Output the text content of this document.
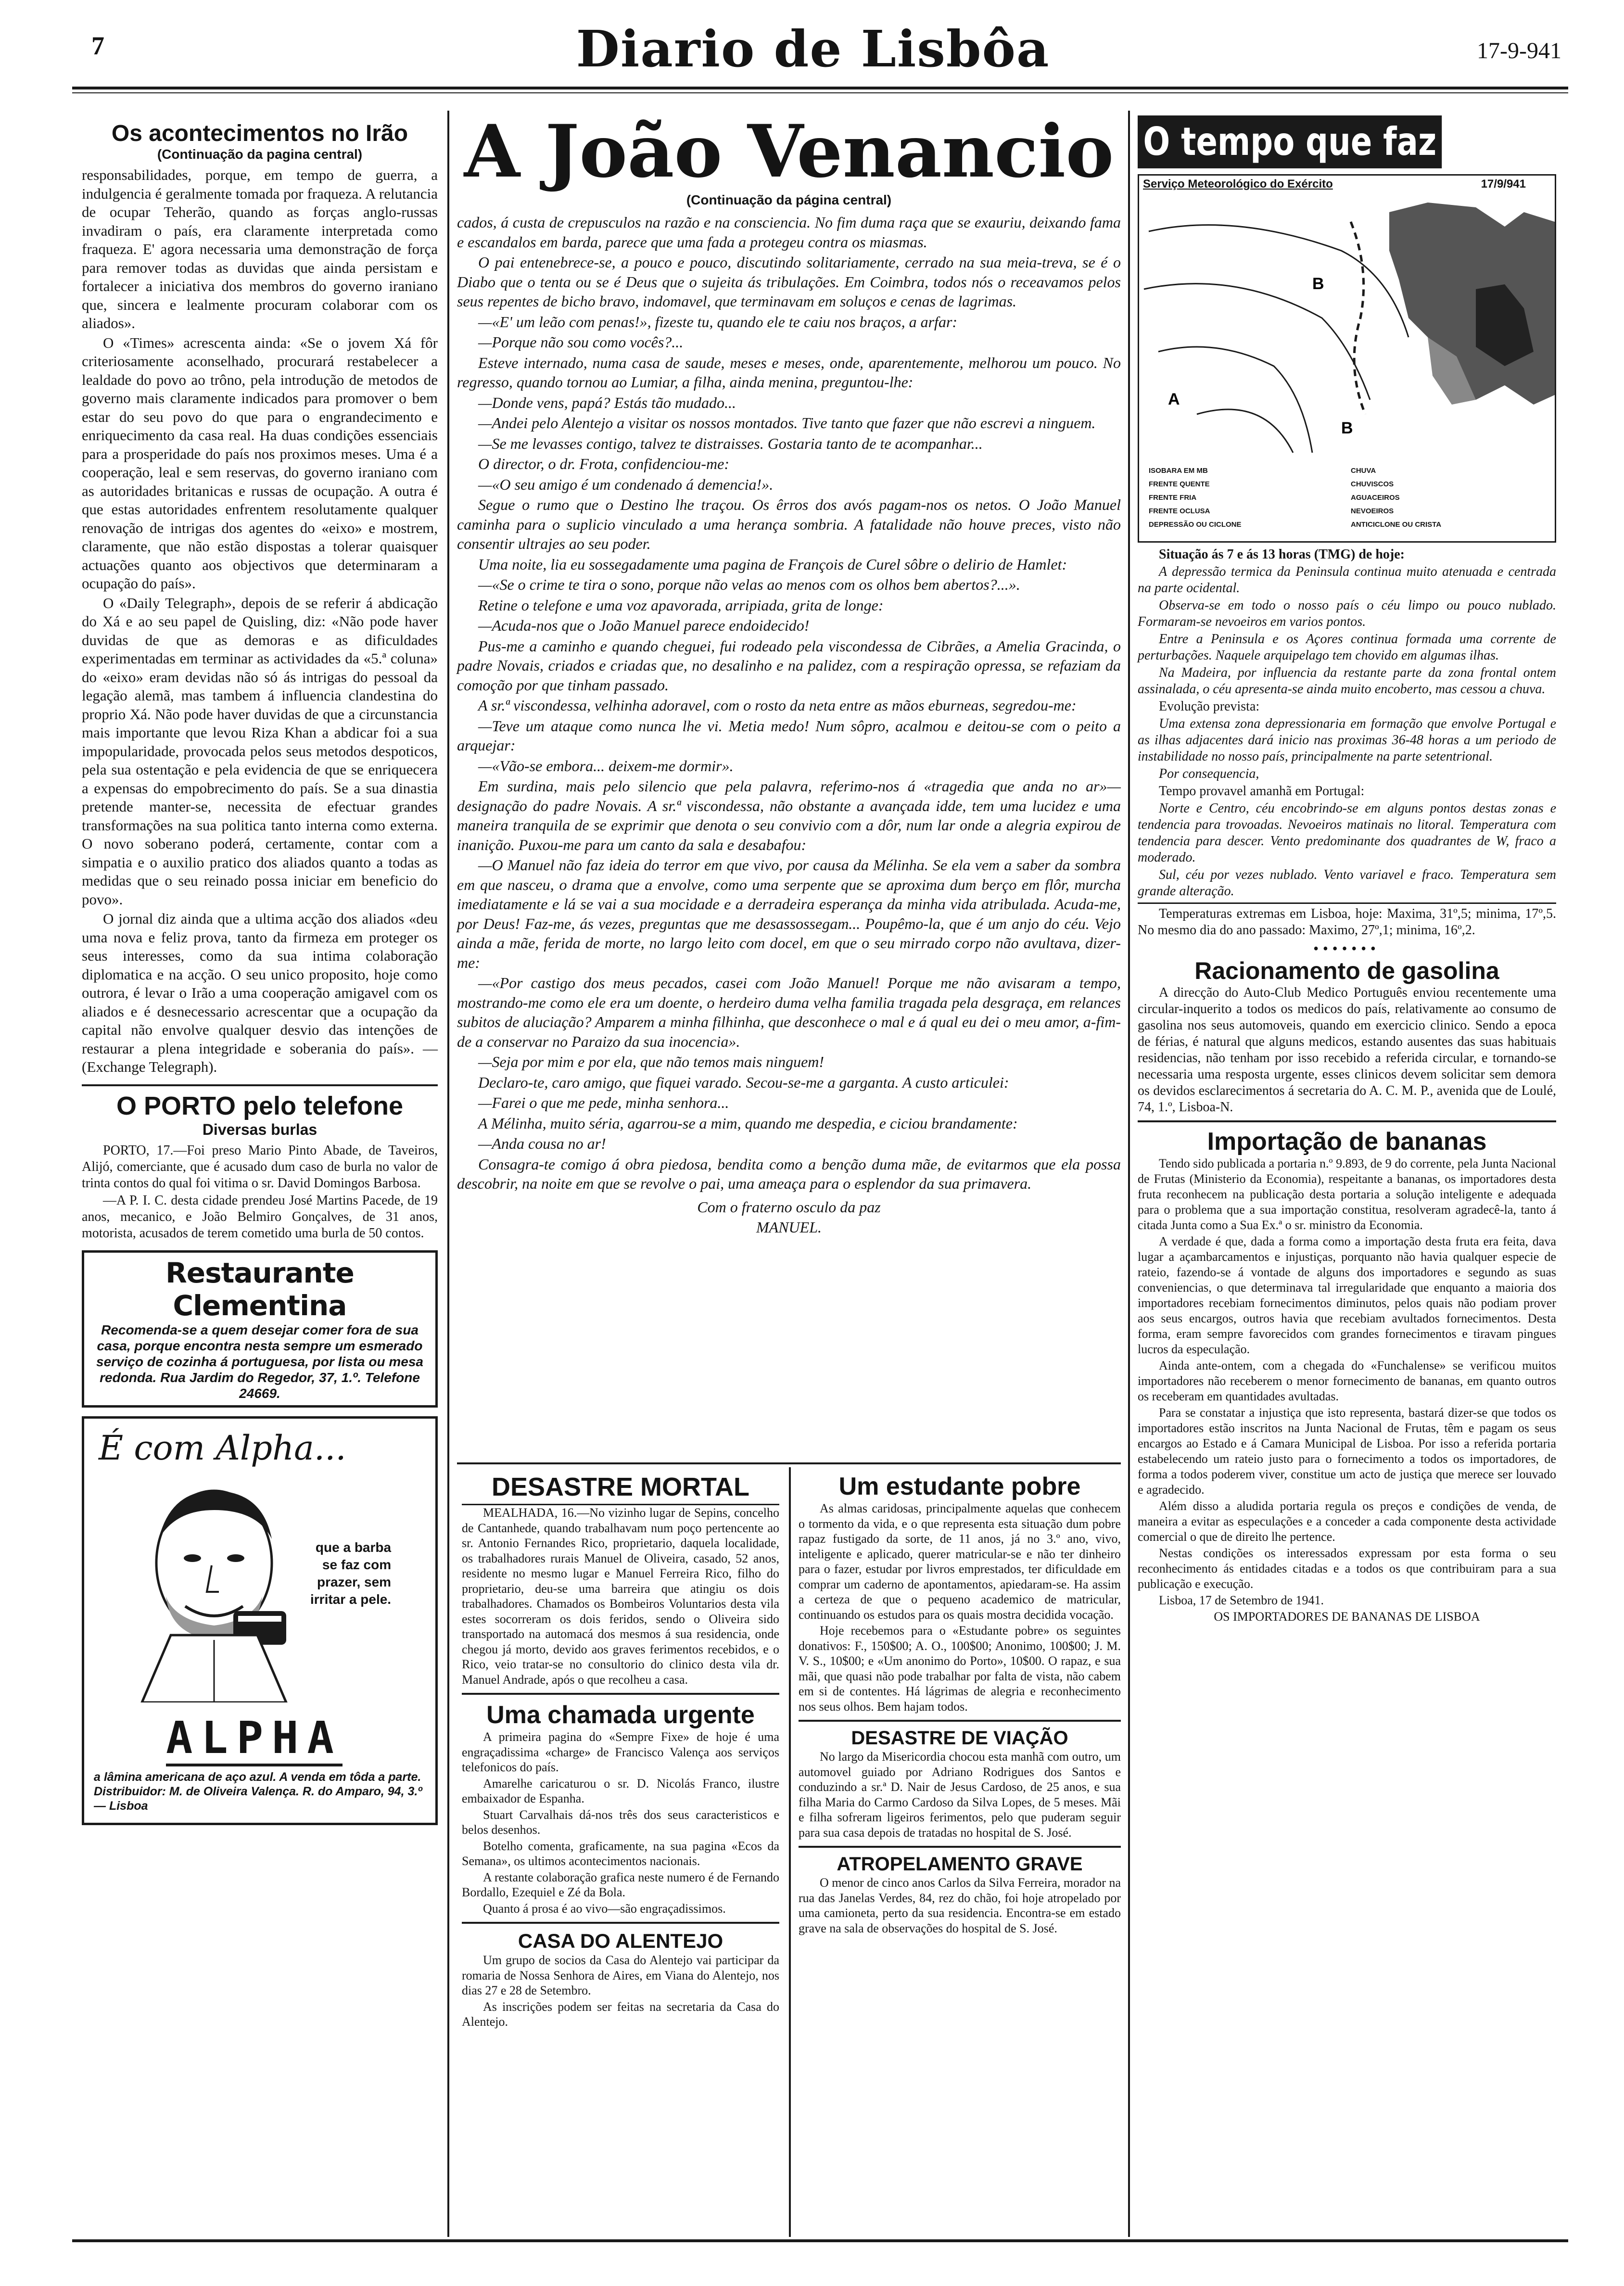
7	Diario de Lisbôa	17-9-941
Os acontecimentos no Irão
(Continuação da pagina central)

responsabilidades, porque, em tempo de guerra, a indulgencia é geralmente tomada por fraqueza. A relutancia de ocupar Teherão, quando as forças anglo-russas invadiram o país, era claramente interpretada como fraqueza. E' agora necessaria uma demonstração de força para remover todas as duvidas que ainda persistam e fortalecer a iniciativa dos membros do governo iraniano que, sincera e lealmente procuram colaborar com os aliados».

O «Times» acrescenta ainda: «Se o jovem Xá fôr criteriosamente aconselhado, procurará restabelecer a lealdade do povo ao trôno, pela introdução de metodos de governo mais claramente indicados para promover o bem estar do seu povo do que para o engrandecimento e enriquecimento da casa real. Ha duas condições essenciais para a prosperidade do país nos proximos meses. Uma é a cooperação, leal e sem reservas, do governo iraniano com as autoridades britanicas e russas de ocupação. A outra é que estas autoridades enfrentem resolutamente qualquer renovação de intrigas dos agentes do «eixo» e mostrem, claramente, que não estão dispostas a tolerar quaisquer actuações quanto aos objectivos que determinaram a ocupação do país».

O «Daily Telegraph», depois de se referir á abdicação do Xá e ao seu papel de Quisling, diz: «Não pode haver duvidas de que as demoras e as dificuldades experimentadas em terminar as actividades da «5.ª coluna» do «eixo» eram devidas não só ás intrigas do pessoal da legação alemã, mas tambem á influencia clandestina do proprio Xá. Não pode haver duvidas de que a circunstancia mais importante que levou Riza Khan a abdicar foi a sua impopularidade, provocada pelos seus metodos despoticos, pela sua ostentação e pela evidencia de que se enriquecera a expensas do empobrecimento do país. Se a sua dinastia pretende manter-se, necessita de efectuar grandes transformações na sua politica tanto interna como externa. O novo soberano poderá, certamente, contar com a simpatia e o auxilio pratico dos aliados quanto a todas as medidas que o seu reinado possa iniciar em beneficio do povo».

O jornal diz ainda que a ultima acção dos aliados «deu uma nova e feliz prova, tanto da firmeza em proteger os seus interesses, como da sua intima colaboração diplomatica e na acção. O seu unico proposito, hoje como outrora, é levar o Irão a uma cooperação amigavel com os aliados e é desnecessario acrescentar que a ocupação da capital não envolve qualquer desvio das intenções de restaurar a plena integridade e soberania do país». —(Exchange Telegraph).

O PORTO pelo telefone
Diversas burlas

PORTO, 17.—Foi preso Mario Pinto Abade, de Taveiros, Alijó, comerciante, que é acusado dum caso de burla no valor de trinta contos do qual foi vitima o sr. David Domingos Barbosa.

—A P. I. C. desta cidade prendeu José Martins Pacede, de 19 anos, mecanico, e João Belmiro Gonçalves, de 31 anos, motorista, acusados de terem cometido uma burla de 50 contos.

Restaurante Clementina
Recomenda-se a quem desejar comer fora de sua casa, porque encontra nesta sempre um esmerado serviço de cozinha á portuguesa, por lista ou mesa redonda. Rua Jardim do Regedor, 37, 1.º. Telefone 24669.
É com Alpha...
que a barba
se faz com
prazer, sem
irritar a pele.
ALPHA
a lâmina americana de aço azul. A venda em tôda a parte. Distribuidor: M. de Oliveira Valença. R. do Amparo, 94, 3.º — Lisboa
A João Venancio
(Continuação da página central)

cados, á custa de crepusculos na razão e na consciencia. No fim duma raça que se exauriu, deixando fama e escandalos em barda, parece que uma fada a protegeu contra os miasmas.

O pai entenebrece-se, a pouco e pouco, discutindo solitariamente, cerrado na sua meia-treva, se é o Diabo que o tenta ou se é Deus que o sujeita ás tribulações. Em Coimbra, todos nós o receavamos pelos seus repentes de bicho bravo, indomavel, que terminavam em soluços e cenas de lagrimas.

—«E' um leão com penas!», fizeste tu, quando ele te caiu nos braços, a arfar:

—Porque não sou como vocês?...

Esteve internado, numa casa de saude, meses e meses, onde, aparentemente, melhorou um pouco. No regresso, quando tornou ao Lumiar, a filha, ainda menina, preguntou-lhe:

—Donde vens, papá? Estás tão mudado...

—Andei pelo Alentejo a visitar os nossos montados. Tive tanto que fazer que não escrevi a ninguem.

—Se me levasses contigo, talvez te distraisses. Gostaria tanto de te acompanhar...

O director, o dr. Frota, confidenciou-me:

—«O seu amigo é um condenado á demencia!».

Segue o rumo que o Destino lhe traçou. Os êrros dos avós pagam-nos os netos. O João Manuel caminha para o suplicio vinculado a uma herança sombria. A fatalidade não houve preces, visto não consentir ultrajes ao seu poder.

Uma noite, lia eu sossegadamente uma pagina de François de Curel sôbre o delirio de Hamlet:

—«Se o crime te tira o sono, porque não velas ao menos com os olhos bem abertos?...».

Retine o telefone e uma voz apavorada, arripiada, grita de longe:

—Acuda-nos que o João Manuel parece endoidecido!

Pus-me a caminho e quando cheguei, fui rodeado pela viscondessa de Cibrães, a Amelia Gracinda, o padre Novais, criados e criadas que, no desalinho e na palidez, com a respiração opressa, se refaziam da comoção por que tinham passado.

A sr.ª viscondessa, velhinha adoravel, com o rosto da neta entre as mãos eburneas, segredou-me:

—Teve um ataque como nunca lhe vi. Metia medo! Num sôpro, acalmou e deitou-se com o peito a arquejar:

—«Vão-se embora... deixem-me dormir».

Em surdina, mais pelo silencio que pela palavra, referimo-nos á «tragedia que anda no ar»—designação do padre Novais. A sr.ª viscondessa, não obstante a avançada idde, tem uma lucidez e uma maneira tranquila de se exprimir que denota o seu convivio com a dôr, num lar onde a alegria expirou de inanição. Puxou-me para um canto da sala e desabafou:

—O Manuel não faz ideia do terror em que vivo, por causa da Mélinha. Se ela vem a saber da sombra em que nasceu, o drama que a envolve, como uma serpente que se aproxima dum berço em flôr, murcha imediatamente e lá se vai a sua mocidade e a derradeira esperança da minha vida atribulada. Acuda-me, por Deus! Faz-me, ás vezes, preguntas que me desassossegam... Poupêmo-la, que é um anjo do céu. Vejo ainda a mãe, ferida de morte, no largo leito com docel, em que o seu mirrado corpo não avultava, dizer-me:

—«Por castigo dos meus pecados, casei com João Manuel! Porque me não avisaram a tempo, mostrando-me como ele era um doente, o herdeiro duma velha familia tragada pela desgraça, em relances subitos de aluciação? Amparem a minha filhinha, que desconhece o mal e á qual eu dei o meu amor, a-fim-de a conservar no Paraizo da sua inocencia».

—Seja por mim e por ela, que não temos mais ninguem!

Declaro-te, caro amigo, que fiquei varado. Secou-se-me a garganta. A custo articulei:

—Farei o que me pede, minha senhora...

A Mélinha, muito séria, agarrou-se a mim, quando me despedia, e ciciou brandamente:

—Anda cousa no ar!

Consagra-te comigo á obra piedosa, bendita como a benção duma mãe, de evitarmos que ela possa descobrir, na noite em que se revolve o pai, uma ameaça para o esplendor da sua primavera.

Com o fraterno osculo da paz

MANUEL.

DESASTRE MORTAL

MEALHADA, 16.—No vizinho lugar de Sepins, concelho de Cantanhede, quando trabalhavam num poço pertencente ao sr. Antonio Fernandes Rico, proprietario, daquela localidade, os trabalhadores rurais Manuel de Oliveira, casado, 52 anos, residente no mesmo lugar e Manuel Ferreira Rico, filho do proprietario, deu-se uma barreira que atingiu os dois trabalhadores. Chamados os Bombeiros Voluntarios desta vila estes socorreram os dois feridos, sendo o Oliveira sido transportado na automacá dos mesmos á sua residencia, onde chegou já morto, devido aos graves ferimentos recebidos, e o Rico, veio tratar-se no consultorio do clinico desta vila dr. Manuel Andrade, após o que recolheu a casa.

Uma chamada urgente

A primeira pagina do «Sempre Fixe» de hoje é uma engraçadissima «charge» de Francisco Valença aos serviços telefonicos do país.

Amarelhe caricaturou o sr. D. Nicolás Franco, ilustre embaixador de Espanha.

Stuart Carvalhais dá-nos três dos seus caracteristicos e belos desenhos.

Botelho comenta, graficamente, na sua pagina «Ecos da Semana», os ultimos acontecimentos nacionais.

A restante colaboração grafica neste numero é de Fernando Bordallo, Ezequiel e Zé da Bola.

Quanto á prosa é ao vivo—são engraçadissimos.

CASA DO ALENTEJO

Um grupo de socios da Casa do Alentejo vai participar da romaria de Nossa Senhora de Aires, em Viana do Alentejo, nos dias 27 e 28 de Setembro.

As inscrições podem ser feitas na secretaria da Casa do Alentejo.

Um estudante pobre

As almas caridosas, principalmente aquelas que conhecem o tormento da vida, e o que representa esta situação dum pobre rapaz fustigado da sorte, de 11 anos, já no 3.º ano, vivo, inteligente e aplicado, querer matricular-se e não ter dinheiro para o fazer, estudar por livros emprestados, ter dificuldade em comprar um caderno de apontamentos, apiedaram-se. Ha assim a certeza de que o pequeno academico de matricular, continuando os estudos para os quais mostra decidida vocação.

Hoje recebemos para o «Estudante pobre» os seguintes donativos: F., 150$00; A. O., 100$00; Anonimo, 100$00; J. M. V. S., 10$00; e «Um anonimo do Porto», 10$00. O rapaz, e sua mãi, que quasi não pode trabalhar por falta de vista, não cabem em si de contentes. Há lágrimas de alegria e reconhecimento nos seus olhos. Bem hajam todos.

DESASTRE DE VIAÇÃO

No largo da Misericordia chocou esta manhã com outro, um automovel guiado por Adriano Rodrigues dos Santos e conduzindo a sr.ª D. Nair de Jesus Cardoso, de 25 anos, e sua filha Maria do Carmo Cardoso da Silva Lopes, de 5 meses. Mãi e filha sofreram ligeiros ferimentos, pelo que puderam seguir para sua casa depois de tratadas no hospital de S. José.

ATROPELAMENTO GRAVE

O menor de cinco anos Carlos da Silva Ferreira, morador na rua das Janelas Verdes, 84, rez do chão, foi hoje atropelado por uma camioneta, perto da sua residencia. Encontra-se em estado grave na sala de observações do hospital de S. José.

O tempo que faz
Serviço Meteorológico do Exército	17/9/941
B
A
B
ISOBARA EM MB	CHUVA
FRENTE QUENTE	CHUVISCOS
FRENTE FRIA	AGUACEIROS
FRENTE OCLUSA	NEVOEIROS
DEPRESSÃO OU CICLONE	ANTICICLONE OU CRISTA

Situação ás 7 e ás 13 horas (TMG) de hoje:

A depressão termica da Peninsula continua muito atenuada e centrada na parte ocidental.

Observa-se em todo o nosso país o céu limpo ou pouco nublado. Formaram-se nevoeiros em varios pontos.

Entre a Peninsula e os Açores continua formada uma corrente de perturbações. Naquele arquipelago tem chovido em algumas ilhas.

Na Madeira, por influencia da restante parte da zona frontal ontem assinalada, o céu apresenta-se ainda muito encoberto, mas cessou a chuva.

Evolução prevista:

Uma extensa zona depressionaria em formação que envolve Portugal e as ilhas adjacentes dará inicio nas proximas 36-48 horas a um periodo de instabilidade no nosso país, principalmente na parte setentrional.

Por consequencia,

Tempo provavel amanhã em Portugal:

Norte e Centro, céu encobrindo-se em alguns pontos destas zonas e tendencia para trovoadas. Nevoeiros matinais no litoral. Temperatura com tendencia para descer. Vento predominante dos quadrantes de W, fraco a moderado.

Sul, céu por vezes nublado. Vento variavel e fraco. Temperatura sem grande alteração.

Temperaturas extremas em Lisboa, hoje: Maxima, 31º,5; minima, 17º,5. No mesmo dia do ano passado: Maximo, 27º,1; minima, 16º,2.

•••••••
Racionamento de gasolina

A direcção do Auto-Club Medico Português enviou recentemente uma circular-inquerito a todos os medicos do país, relativamente ao consumo de gasolina nos seus automoveis, quando em exercicio clinico. Sendo a epoca de férias, é natural que alguns medicos, estando ausentes das suas habituais residencias, não tenham por isso recebido a referida circular, e tornando-se necessaria uma resposta urgente, esses clinicos devem solicitar sem demora os devidos esclarecimentos á secretaria do A. C. M. P., avenida que de Loulé, 74, 1.º, Lisboa-N.

Importação de bananas

Tendo sido publicada a portaria n.º 9.893, de 9 do corrente, pela Junta Nacional de Frutas (Ministerio da Economia), respeitante a bananas, os importadores desta fruta reconhecem na publicação desta portaria a solução inteligente e adequada para o problema que a sua importação constitua, resolveram agradecê-la, tanto á citada Junta como a Sua Ex.ª o sr. ministro da Economia.

A verdade é que, dada a forma como a importação desta fruta era feita, dava lugar a açambarcamentos e injustiças, porquanto não havia qualquer especie de rateio, fazendo-se á vontade de alguns dos importadores e segundo as suas conveniencias, o que determinava tal irregularidade que enquanto a maioria dos importadores recebiam fornecimentos diminutos, pelos quais não podiam prover aos seus encargos, outros havia que recebiam avultados fornecimentos. Desta forma, eram sempre favorecidos com grandes fornecimentos e tiravam pingues lucros da especulação.

Ainda ante-ontem, com a chegada do «Funchalense» se verificou muitos importadores não receberem o menor fornecimento de bananas, em quanto outros os receberam em quantidades avultadas.

Para se constatar a injustiça que isto representa, bastará dizer-se que todos os importadores estão inscritos na Junta Nacional de Frutas, têm e pagam os seus encargos ao Estado e á Camara Municipal de Lisboa. Por isso a referida portaria estabelecendo um rateio justo para o fornecimento a todos os importadores, de forma a todos poderem viver, constitue um acto de justiça que merece ser louvado e agradecido.

Além disso a aludida portaria regula os preços e condições de venda, de maneira a evitar as especulações e a conceder a cada componente desta actividade comercial o que de direito lhe pertence.

Nestas condições os interessados expressam por esta forma o seu reconhecimento ás entidades citadas e a todos os que contribuiram para a sua publicação e execução.

Lisboa, 17 de Setembro de 1941.

OS IMPORTADORES DE BANANAS DE LISBOA
